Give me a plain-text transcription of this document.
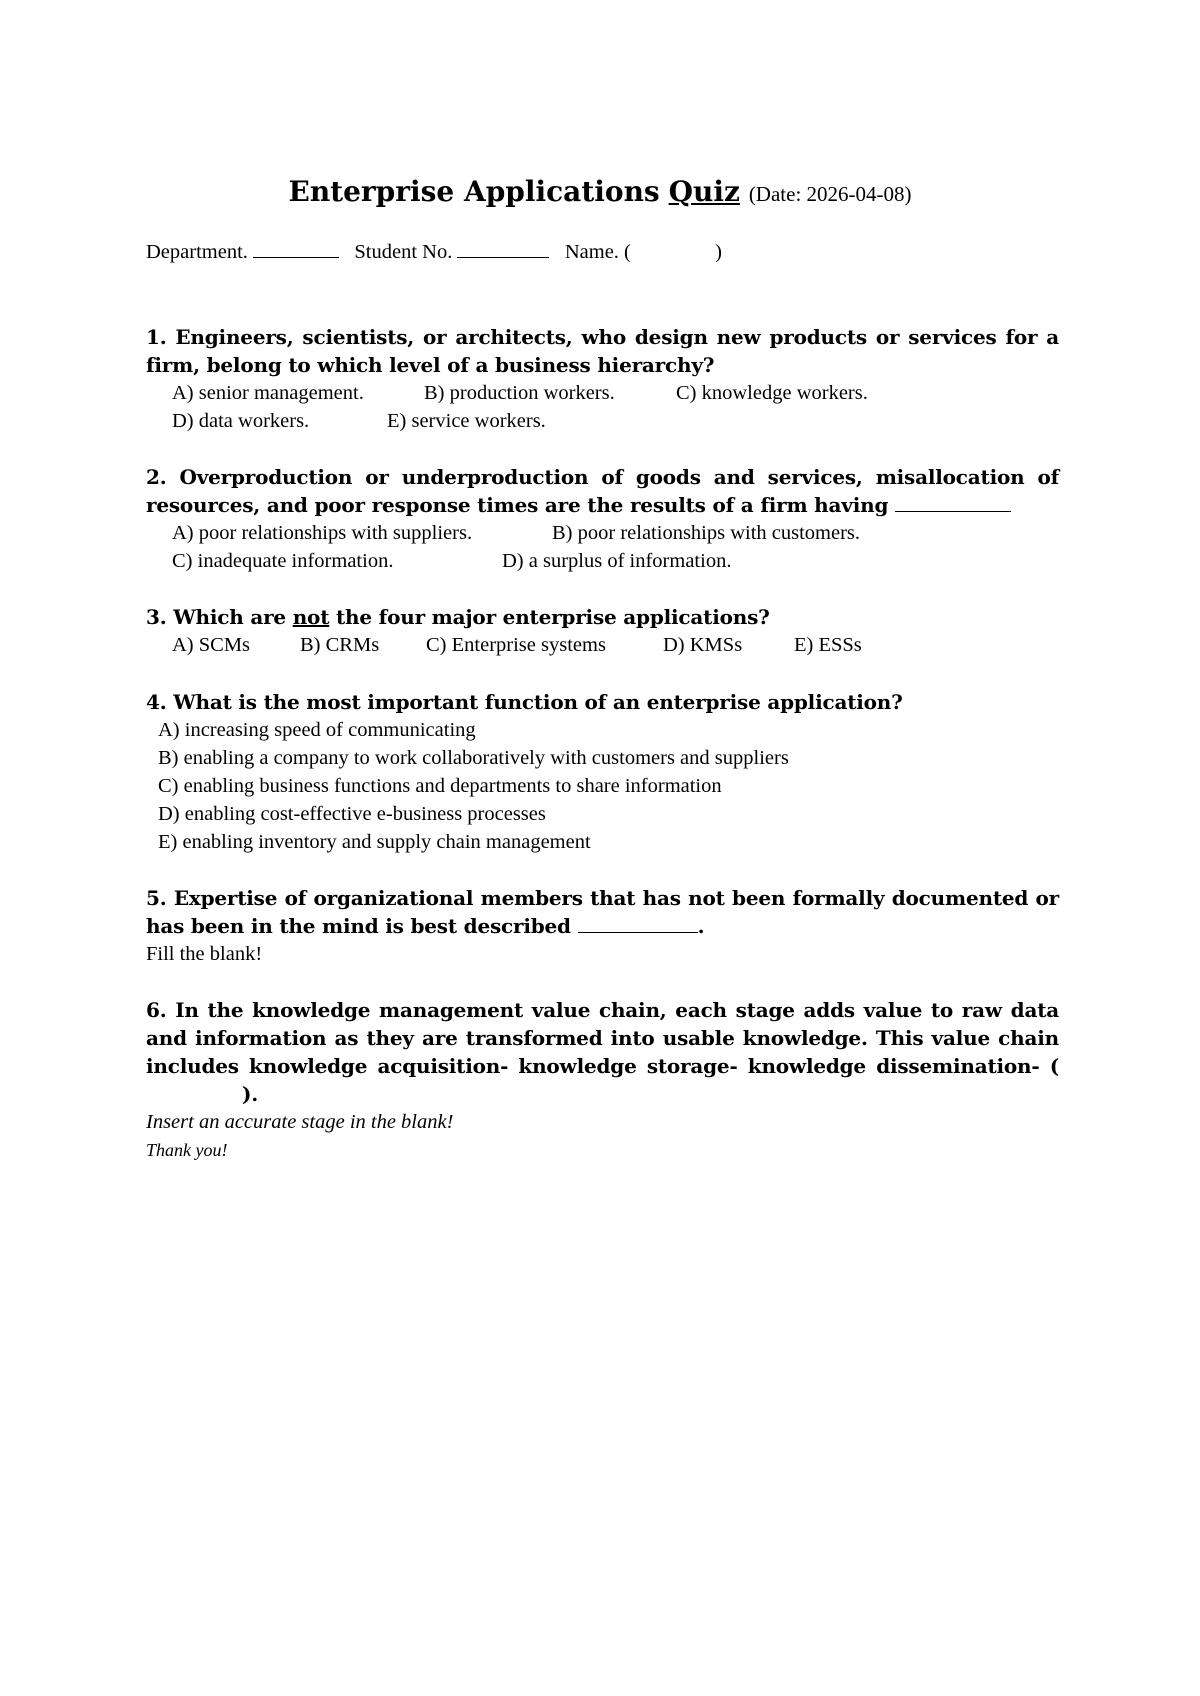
Enterprise Applications Quiz (Date: 2026-04-08)
Department.	Student No.	Name. (	)
1. Engineers, scientists, or architects, who design new products or services for a firm, belong to which level of a business hierarchy?
A) senior management.	B) production workers.	C) knowledge workers.
D) data workers.	E) service workers.
2. Overproduction or underproduction of goods and services, misallocation of resources, and poor response times are the results of a firm having
A) poor relationships with suppliers.	B) poor relationships with customers.
C) inadequate information.	D) a surplus of information.
3. Which are not the four major enterprise applications?
A) SCMs B) CRMs C) Enterprise systems	D) KMSs	E) ESSs
4. What is the most important function of an enterprise application?
A) increasing speed of communicating
B) enabling a company to work collaboratively with customers and suppliers
C) enabling business functions and departments to share information
D) enabling cost-effective e-business processes
E) enabling inventory and supply chain management
5. Expertise of organizational members that has not been formally documented or has been in the mind is best described	.
Fill the blank!
6. In the knowledge management value chain, each stage adds value to raw data and information as they are transformed into usable knowledge. This value chain includes knowledge acquisition- knowledge storage- knowledge dissemination- ().
Insert an accurate stage in the blank!
Thank you!
